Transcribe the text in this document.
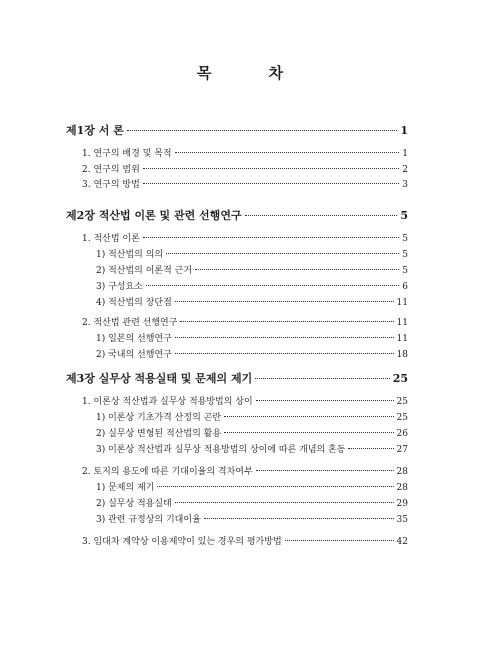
목 차
제1장 서 론	1
1. 연구의 배경 및 목적	1
2. 연구의 범위	2
3. 연구의 방법	3
제2장 적산법 이론 및 관련 선행연구	5
1. 적산법 이론	5
1) 적산법의 의의	5
2) 적산법의 이론적 근거	5
3) 구성요소	6
4) 적산법의 장단점	11
2. 적산법 관련 선행연구	11
1) 일본의 선행연구	11
2) 국내의 선행연구	18
제3장 실무상 적용실태 및 문제의 제기	25
1. 이론상 적산법과 실무상 적용방법의 상이	25
1) 이론상 기초가격 산정의 곤란	25
2) 실무상 변형된 적산법의 활용	26
3) 이론상 적산법과 실무상 적용방법의 상이에 따른 개념의 혼동	27
2. 토지의 용도에 따른 기대이율의 격차여부	28
1) 문제의 제기	28
2) 실무상 적용실태	29
3) 관련 규정상의 기대이율	35
3. 임대차 계약상 이용제약이 있는 경우의 평가방법	42
